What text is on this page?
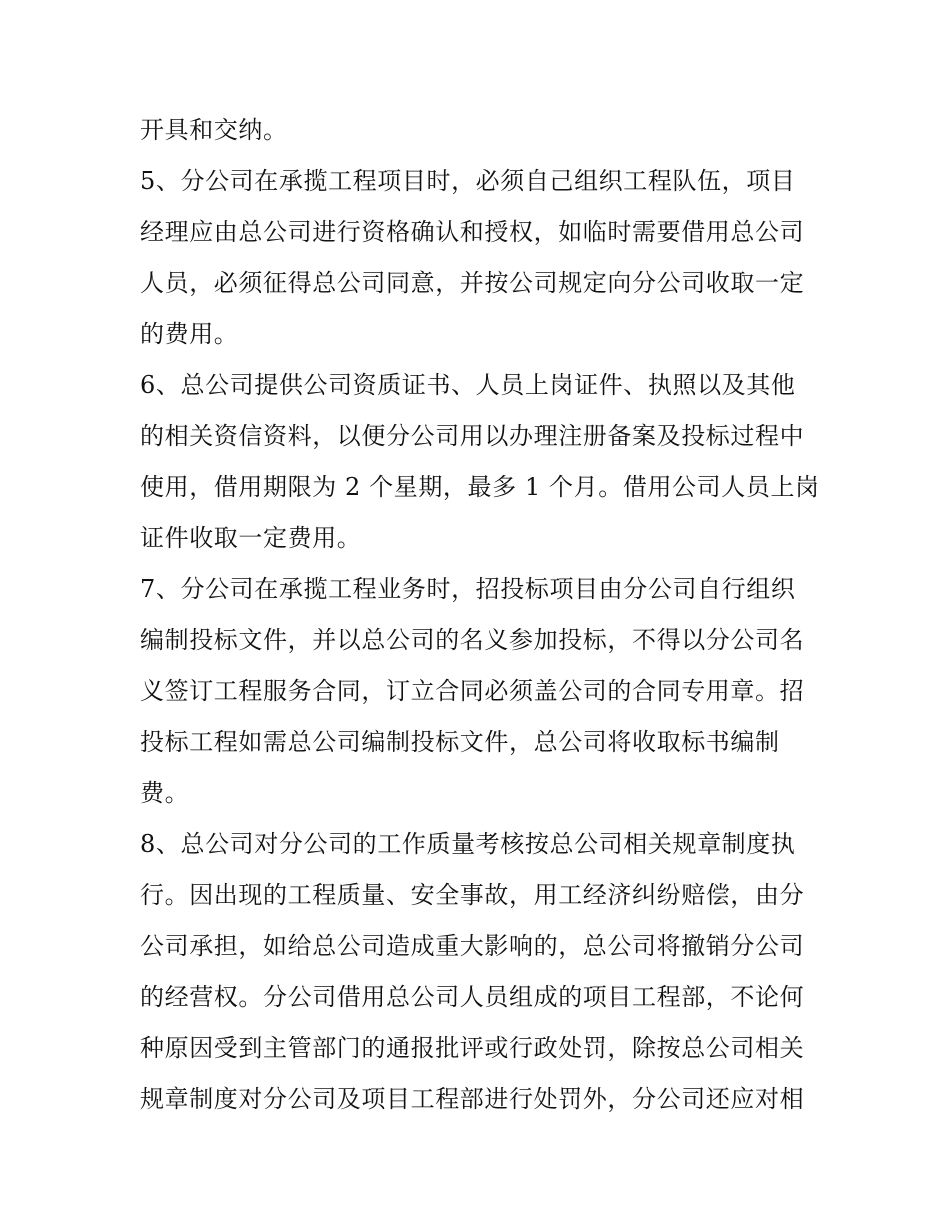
开具和交纳。
5、分公司在承揽工程项目时，必须自己组织工程队伍，项目
经理应由总公司进行资格确认和授权，如临时需要借用总公司
人员，必须征得总公司同意，并按公司规定向分公司收取一定
的费用。
6、总公司提供公司资质证书、人员上岗证件、执照以及其他
的相关资信资料，以便分公司用以办理注册备案及投标过程中
使用，借用期限为 2 个星期，最多 1 个月。借用公司人员上岗
证件收取一定费用。
7、分公司在承揽工程业务时，招投标项目由分公司自行组织
编制投标文件，并以总公司的名义参加投标，不得以分公司名
义签订工程服务合同，订立合同必须盖公司的合同专用章。招
投标工程如需总公司编制投标文件，总公司将收取标书编制
费。
8、总公司对分公司的工作质量考核按总公司相关规章制度执
行。因出现的工程质量、安全事故，用工经济纠纷赔偿，由分
公司承担，如给总公司造成重大影响的，总公司将撤销分公司
的经营权。分公司借用总公司人员组成的项目工程部，不论何
种原因受到主管部门的通报批评或行政处罚，除按总公司相关
规章制度对分公司及项目工程部进行处罚外，分公司还应对相
